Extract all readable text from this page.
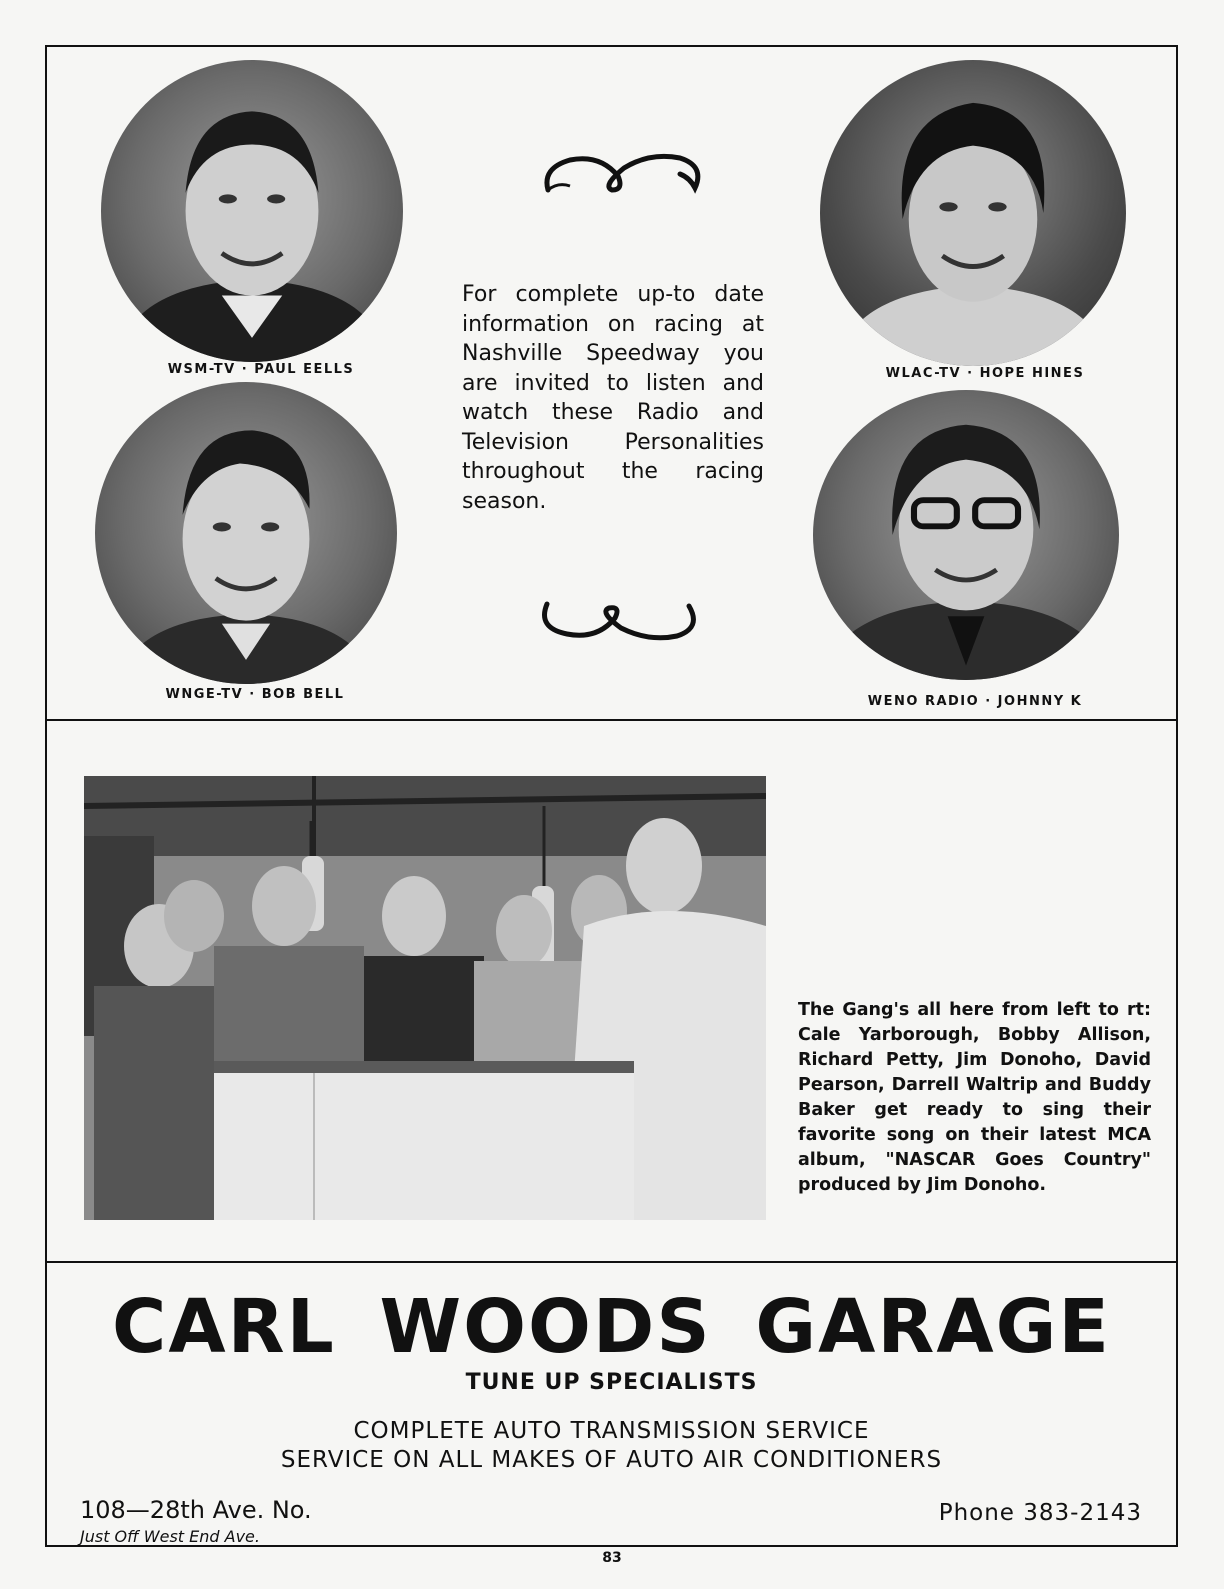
WSM-TV · PAUL EELLS
WNGE-TV · BOB BELL
WLAC-TV · HOPE HINES
WENO RADIO · JOHNNY K
For complete up-to date information on racing at Nashville Speedway you are invited to listen and watch these Radio and Television Personalities throughout the racing season.
The Gang's all here from left to rt: Cale Yarborough, Bobby Allison, Richard Petty, Jim Donoho, David Pearson, Darrell Waltrip and Buddy Baker get ready to sing their favorite song on their latest MCA album, "NASCAR Goes Country" produced by Jim Donoho.
CARL WOODS GARAGE
TUNE UP SPECIALISTS
COMPLETE AUTO TRANSMISSION SERVICE
SERVICE ON ALL MAKES OF AUTO AIR CONDITIONERS
108—28th Ave. No.
Just Off West End Ave.
Phone 383-2143
83
